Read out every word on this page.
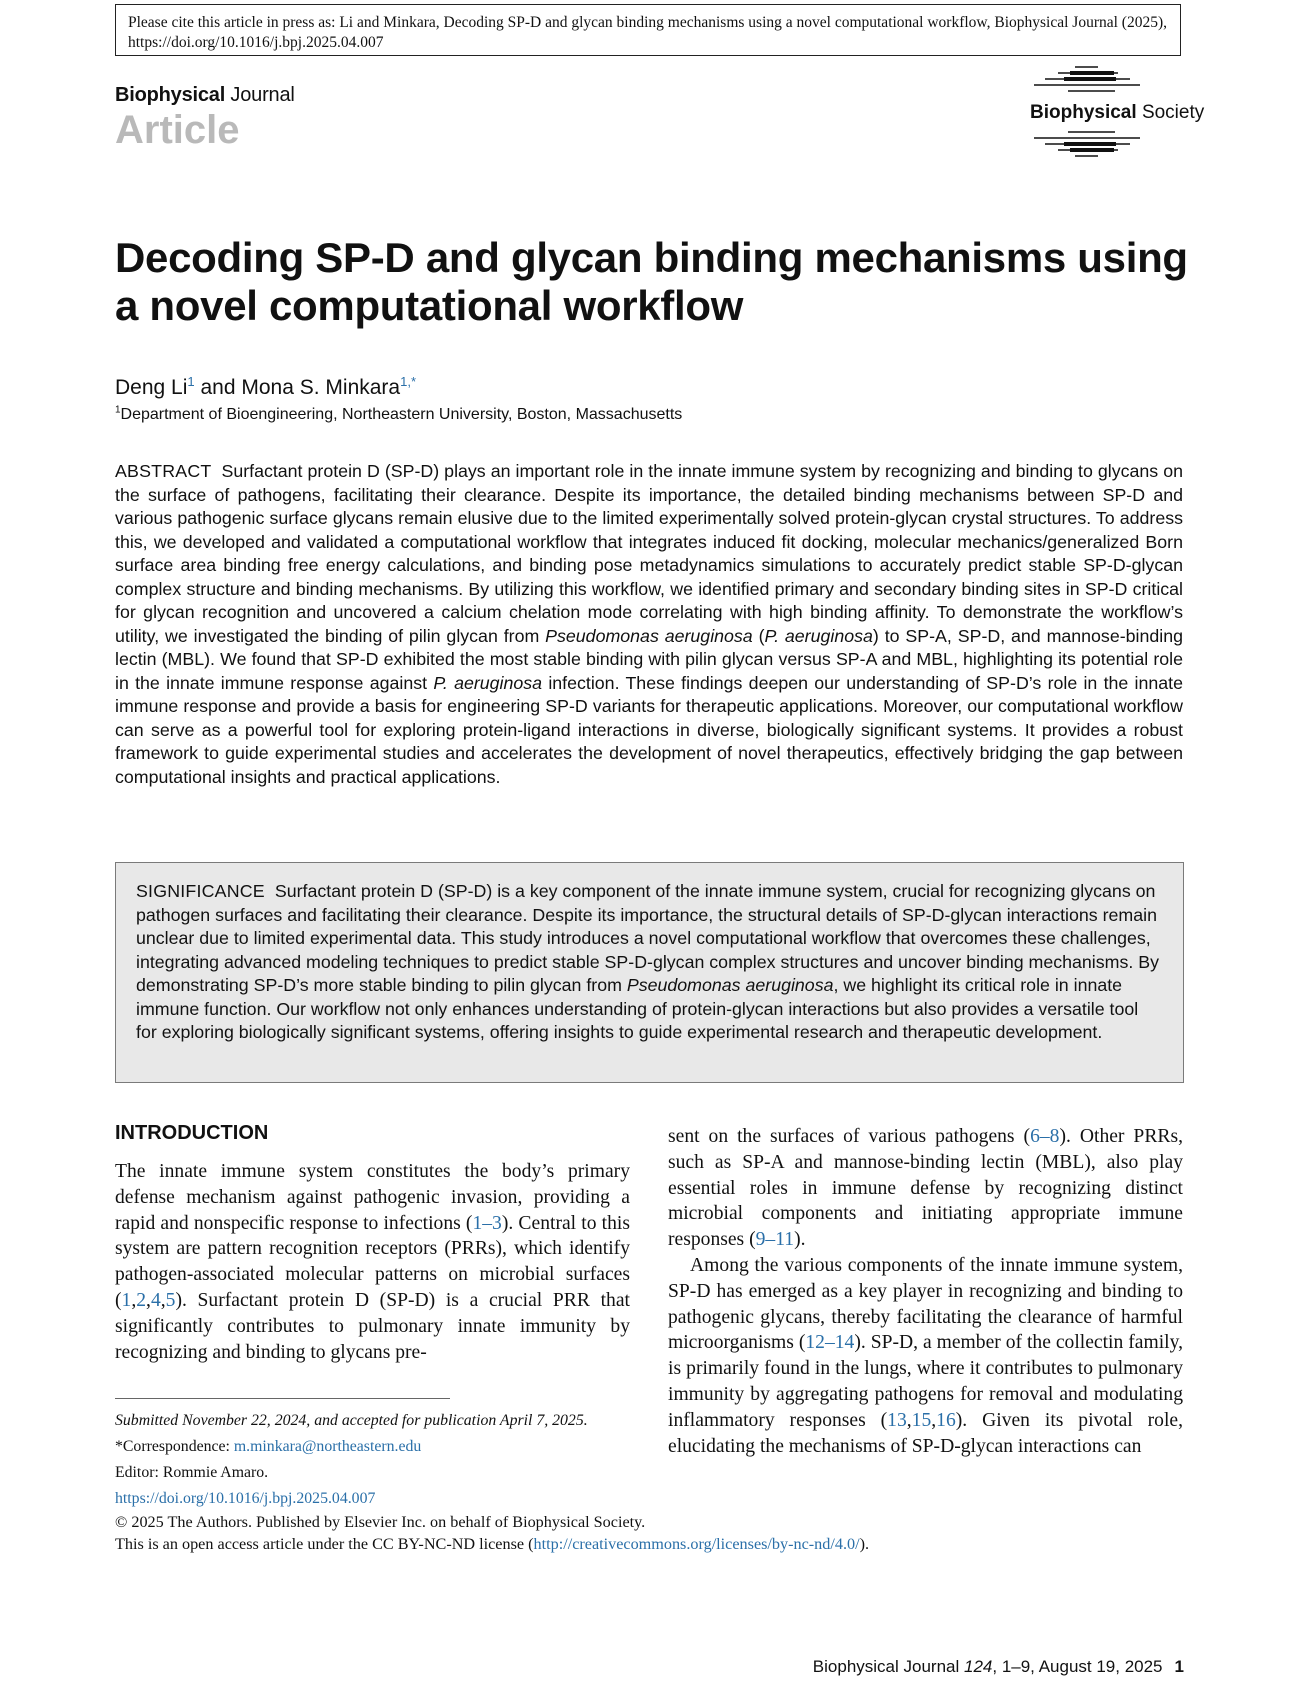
Please cite this article in press as: Li and Minkara, Decoding SP-D and glycan binding mechanisms using a novel computational workflow, Biophysical Journal (2025), https://doi.org/10.1016/j.bpj.2025.04.007
Biophysical Journal
Article	Biophysical Society
Decoding SP-D and glycan binding mechanisms using a novel computational workflow
Deng Li$^1$ and Mona S. Minkara$^{1,*}$
$^1$Department of Bioengineering, Northeastern University, Boston, Massachusetts

ABSTRACT Surfactant protein D (SP-D) plays an important role in the innate immune system by recognizing and binding to glycans on the surface of pathogens, facilitating their clearance. Despite its importance, the detailed binding mechanisms between SP-D and various pathogenic surface glycans remain elusive due to the limited experimentally solved protein-glycan crystal structures. To address this, we developed and validated a computational workflow that integrates induced fit docking, molecular mechanics/generalized Born surface area binding free energy calculations, and binding pose metadynamics simulations to accurately predict stable SP-D-glycan complex structure and binding mechanisms. By utilizing this workflow, we identified primary and secondary binding sites in SP-D critical for glycan recognition and uncovered a calcium chelation mode correlating with high binding affinity. To demonstrate the workflow’s utility, we investigated the binding of pilin glycan from Pseudomonas aeruginosa (P. aeruginosa) to SP-A, SP-D, and mannose-binding lectin (MBL). We found that SP-D exhibited the most stable binding with pilin glycan versus SP-A and MBL, highlighting its potential role in the innate immune response against P. aeruginosa infection. These findings deepen our understanding of SP-D’s role in the innate immune response and provide a basis for engineering SP-D variants for therapeutic applications. Moreover, our computational workflow can serve as a powerful tool for exploring protein-ligand interactions in diverse, biologically significant systems. It provides a robust framework to guide experimental studies and accelerates the development of novel therapeutics, effectively bridging the gap between computational insights and practical applications.

SIGNIFICANCE Surfactant protein D (SP-D) is a key component of the innate immune system, crucial for recognizing glycans on pathogen surfaces and facilitating their clearance. Despite its importance, the structural details of SP-D-glycan interactions remain unclear due to limited experimental data. This study introduces a novel computational workflow that overcomes these challenges, integrating advanced modeling techniques to predict stable SP-D-glycan complex structures and uncover binding mechanisms. By demonstrating SP-D’s more stable binding to pilin glycan from Pseudomonas aeruginosa, we highlight its critical role in innate immune function. Our workflow not only enhances understanding of protein-glycan interactions but also provides a versatile tool for exploring biologically significant systems, offering insights to guide experimental research and therapeutic development.

INTRODUCTION

The innate immune system constitutes the body’s primary defense mechanism against pathogenic invasion, providing a rapid and nonspecific response to infections (1–3). Central to this system are pattern recognition receptors (PRRs), which identify pathogen-associated molecular patterns on microbial surfaces (1,2,4,5). Surfactant protein D (SP-D) is a crucial PRR that significantly contributes to pulmonary innate immunity by recognizing and binding to glycans pre-

sent on the surfaces of various pathogens (6–8). Other PRRs, such as SP-A and mannose-binding lectin (MBL), also play essential roles in immune defense by recognizing distinct microbial components and initiating appropriate immune responses (9–11).

Among the various components of the innate immune system, SP-D has emerged as a key player in recognizing and binding to pathogenic glycans, thereby facilitating the clearance of harmful microorganisms (12–14). SP-D, a member of the collectin family, is primarily found in the lungs, where it contributes to pulmonary immunity by aggregating pathogens for removal and modulating inflammatory responses (13,15,16). Given its pivotal role, elucidating the mechanisms of SP-D-glycan interactions can

Submitted November 22, 2024, and accepted for publication April 7, 2025.
*Correspondence: m.minkara@northeastern.edu
Editor: Rommie Amaro.
https://doi.org/10.1016/j.bpj.2025.04.007
© 2025 The Authors. Published by Elsevier Inc. on behalf of Biophysical Society.
This is an open access article under the CC BY-NC-ND license (http://creativecommons.org/licenses/by-nc-nd/4.0/).
Biophysical Journal 124, 1–9, August 19, 2025 1
